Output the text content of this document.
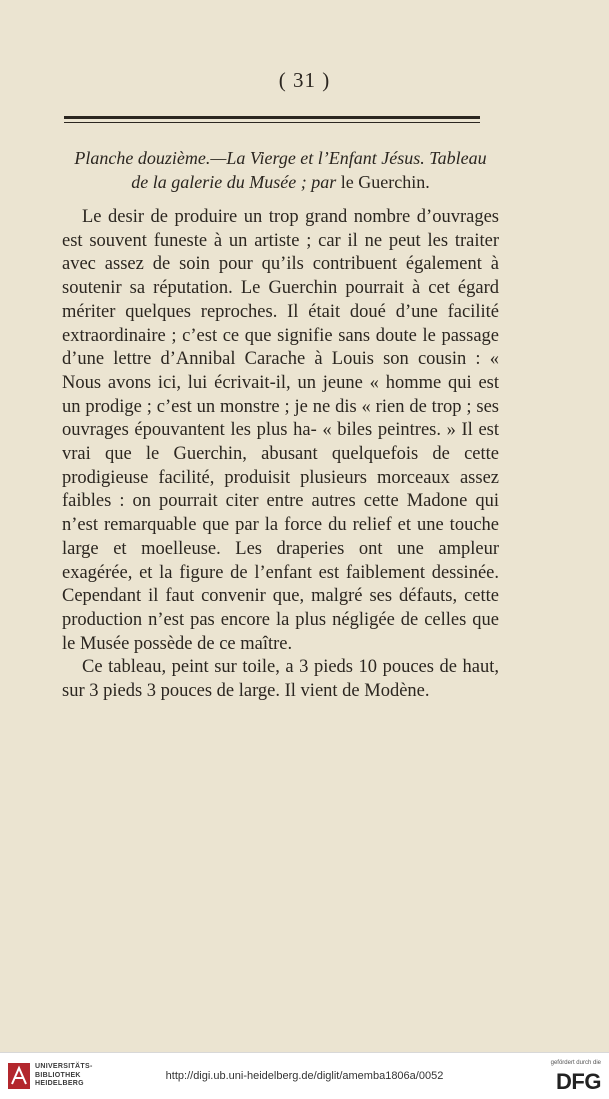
( 31 )
Planche douzième.—La Vierge et l’Enfant Jésus. Tableau
de la galerie du Musée ; par le Guerchin.

Le desir de produire un trop grand nombre d’ouvrages est souvent funeste à un artiste ; car il ne peut les traiter avec assez de soin pour qu’ils contribuent également à soutenir sa réputation. Le Guerchin pourrait à cet égard mériter quelques reproches. Il était doué d’une facilité extraordinaire ; c’est ce que signifie sans doute le passage d’une lettre d’Annibal Carache à Louis son cousin : « Nous avons ici, lui écrivait-il, un jeune « homme qui est un prodige ; c’est un monstre ; je ne dis « rien de trop ; ses ouvrages épouvantent les plus ha- « biles peintres. » Il est vrai que le Guerchin, abusant quelquefois de cette prodigieuse facilité, produisit plusieurs morceaux assez faibles : on pourrait citer entre autres cette Madone qui n’est remarquable que par la force du relief et une touche large et moelleuse. Les draperies ont une ampleur exagérée, et la figure de l’enfant est faiblement dessinée. Cependant il faut convenir que, malgré ses défauts, cette production n’est pas encore la plus négligée de celles que le Musée possède de ce maître.

Ce tableau, peint sur toile, a 3 pieds 10 pouces de haut, sur 3 pieds 3 pouces de large. Il vient de Modène.

UNIVERSITÄTS-
BIBLIOTHEK
HEIDELBERG
http://digi.ub.uni-heidelberg.de/diglit/amemba1806a/0052
gefördert durch die
DFG
